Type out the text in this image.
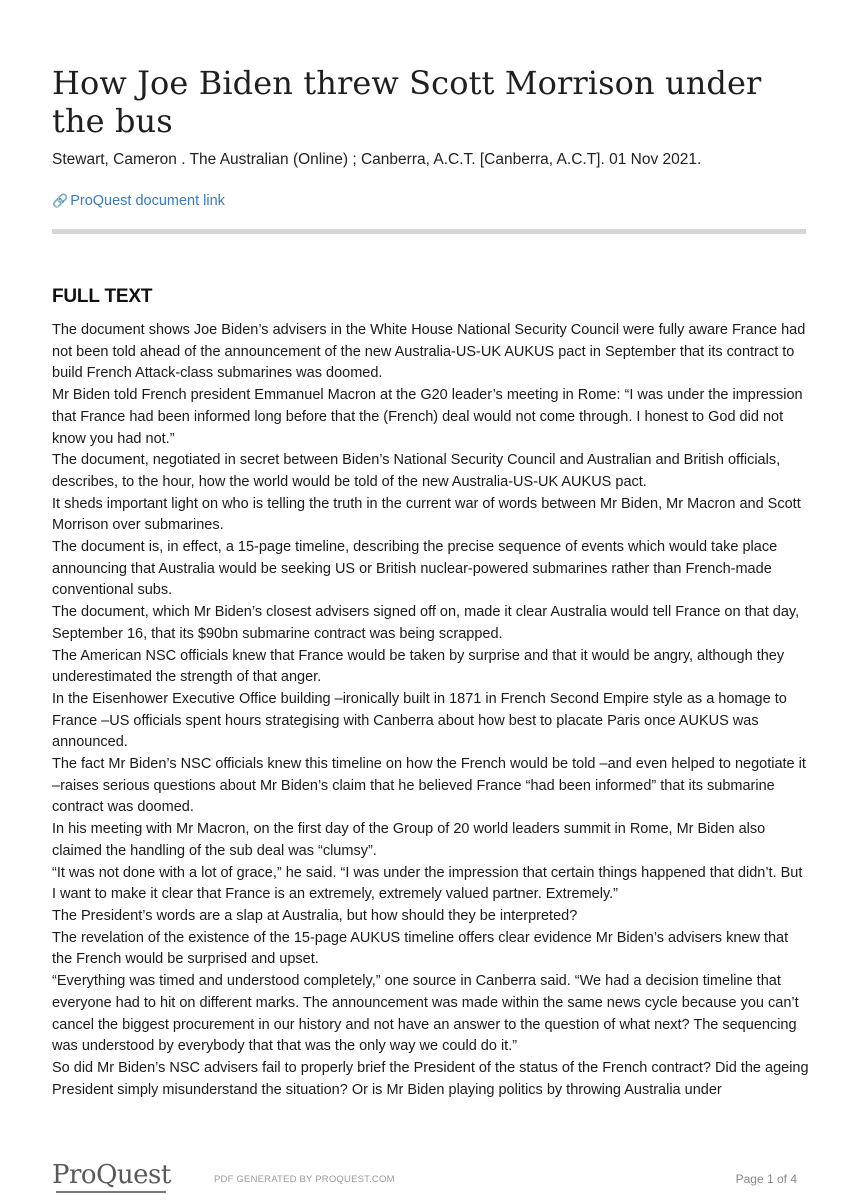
How Joe Biden threw Scott Morrison under the bus
Stewart, Cameron . The Australian (Online) ; Canberra, A.C.T. [Canberra, A.C.T]. 01 Nov 2021.
🔗 ProQuest document link
FULL TEXT

The document shows Joe Biden’s advisers in the White House National Security Council were fully aware France had not been told ahead of the announcement of the new Australia-US-UK AUKUS pact in September that its contract to build French Attack-class submarines was doomed.

Mr Biden told French president Emmanuel Macron at the G20 leader’s meeting in Rome: “I was under the impression that France had been informed long before that the (French) deal would not come through. I honest to God did not know you had not.”

The document, negotiated in secret between Biden’s National Security Council and Australian and British officials, describes, to the hour, how the world would be told of the new Australia-US-UK AUKUS pact.

It sheds important light on who is telling the truth in the current war of words between Mr Biden, Mr Macron and Scott Morrison over submarines.

The document is, in effect, a 15-page timeline, describing the precise sequence of events which would take place announcing that Australia would be seeking US or British nuclear-powered submarines rather than French-made conventional subs.

The document, which Mr Biden’s closest advisers signed off on, made it clear Australia would tell France on that day, September 16, that its $90bn submarine contract was being scrapped.

The American NSC officials knew that France would be taken by surprise and that it would be angry, although they underestimated the strength of that anger.

In the Eisenhower Executive Office building –ironically built in 1871 in French Second Empire style as a homage to France –US officials spent hours strategising with Canberra about how best to placate Paris once AUKUS was announced.

The fact Mr Biden’s NSC officials knew this timeline on how the French would be told –and even helped to negotiate it –raises serious questions about Mr Biden’s claim that he believed France “had been informed” that its submarine contract was doomed.

In his meeting with Mr Macron, on the first day of the Group of 20 world leaders summit in Rome, Mr Biden also claimed the handling of the sub deal was “clumsy”.

“It was not done with a lot of grace,” he said. “I was under the impression that certain things happened that didn’t. But I want to make it clear that France is an extremely, extremely valued partner. Extremely.”

The President’s words are a slap at Australia, but how should they be interpreted?

The revelation of the existence of the 15-page AUKUS timeline offers clear evidence Mr Biden’s advisers knew that the French would be surprised and upset.

“Everything was timed and understood completely,” one source in Canberra said. “We had a decision timeline that everyone had to hit on different marks. The announcement was made within the same news cycle because you can’t cancel the biggest procurement in our history and not have an answer to the question of what next? The sequencing was understood by everybody that that was the only way we could do it.”

So did Mr Biden’s NSC advisers fail to properly brief the President of the status of the French contract? Did the ageing President simply misunderstand the situation? Or is Mr Biden playing politics by throwing Australia under

ProQuest	PDF GENERATED BY PROQUEST.COM	Page 1 of 4
